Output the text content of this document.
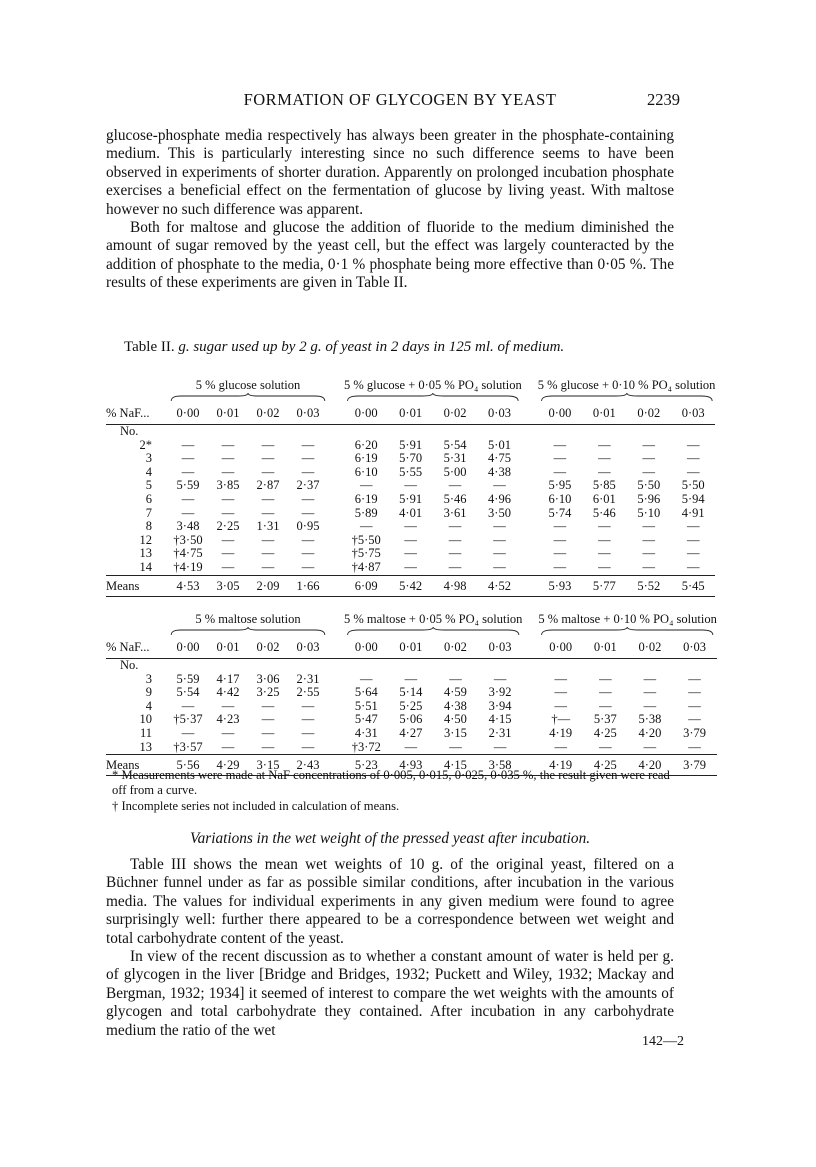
FORMATION OF GLYCOGEN BY YEAST	2239

glucose-phosphate media respectively has always been greater in the phosphate-containing medium. This is particularly interesting since no such difference seems to have been observed in experiments of shorter duration. Apparently on prolonged incubation phosphate exercises a beneficial effect on the fermentation of glucose by living yeast. With maltose however no such difference was apparent.

Both for maltose and glucose the addition of fluoride to the medium diminished the amount of sugar removed by the yeast cell, but the effect was largely counteracted by the addition of phosphate to the media, 0·1 % phosphate being more effective than 0·05 %. The results of these experiments are given in Table II.

Table II. g. sugar used up by 2 g. of yeast in 2 days in 125 ml. of medium.
	5 % glucose solution					5 % glucose + 0·05 % PO₄ solution					5 % glucose + 0·10 % PO₄ solution			

% NaF...	0·00	0·01	0·02	0·03		0·00	0·01	0·02	0·03		0·00	0·01	0·02	0·03
No.														
2*	—	—	—	—		6·20	5·91	5·54	5·01		—	—	—	—
3	—	—	—	—		6·19	5·70	5·31	4·75		—	—	—	—
4	—	—	—	—		6·10	5·55	5·00	4·38		—	—	—	—
5	5·59	3·85	2·87	2·37		—	—	—	—		5·95	5·85	5·50	5·50
6	—	—	—	—		6·19	5·91	5·46	4·96		6·10	6·01	5·96	5·94
7	—	—	—	—		5·89	4·01	3·61	3·50		5·74	5·46	5·10	4·91
8	3·48	2·25	1·31	0·95		—	—	—	—		—	—	—	—
12	†3·50	—	—	—		†5·50	—	—	—		—	—	—	—
13	†4·75	—	—	—		†5·75	—	—	—		—	—	—	—
14	†4·19	—	—	—		†4·87	—	—	—		—	—	—	—
Means	4·53	3·05	2·09	1·66		6·09	5·42	4·98	4·52		5·93	5·77	5·52	5·45
	5 % maltose solution					5 % maltose + 0·05 % PO₄ solution					5 % maltose + 0·10 % PO₄ solution			

% NaF...	0·00	0·01	0·02	0·03		0·00	0·01	0·02	0·03		0·00	0·01	0·02	0·03
No.														
3	5·59	4·17	3·06	2·31		—	—	—	—		—	—	—	—
9	5·54	4·42	3·25	2·55		5·64	5·14	4·59	3·92		—	—	—	—
4	—	—	—	—		5·51	5·25	4·38	3·94		—	—	—	—
10	†5·37	4·23	—	—		5·47	5·06	4·50	4·15		†—	5·37	5·38	—
11	—	—	—	—		4·31	4·27	3·15	2·31		4·19	4·25	4·20	3·79
13	†3·57	—	—	—		†3·72	—	—	—		—	—	—	—
Means	5·56	4·29	3·15	2·43		5·23	4·93	4·15	3·58		4·19	4·25	4·20	3·79

* Measurements were made at NaF concentrations of 0·005, 0·015, 0·025, 0·035 %, the result given were read off from a curve.

† Incomplete series not included in calculation of means.

Variations in the wet weight of the pressed yeast after incubation.

Table III shows the mean wet weights of 10 g. of the original yeast, filtered on a Büchner funnel under as far as possible similar conditions, after incubation in the various media. The values for individual experiments in any given medium were found to agree surprisingly well: further there appeared to be a correspondence between wet weight and total carbohydrate content of the yeast.

In view of the recent discussion as to whether a constant amount of water is held per g. of glycogen in the liver [Bridge and Bridges, 1932; Puckett and Wiley, 1932; Mackay and Bergman, 1932; 1934] it seemed of interest to compare the wet weights with the amounts of glycogen and total carbohydrate they contained. After incubation in any carbohydrate medium the ratio of the wet

142—2
